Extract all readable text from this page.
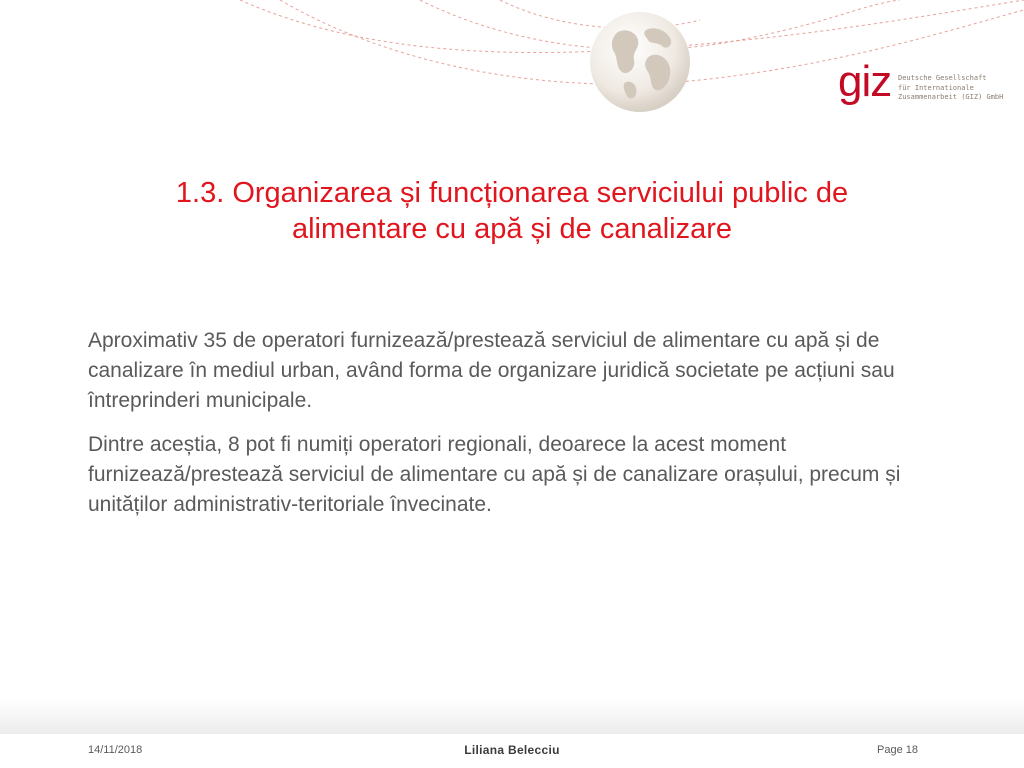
giz Deutsche Gesellschaft
für Internationale
Zusammenarbeit (GIZ) GmbH
1.3. Organizarea și funcționarea serviciului public de
alimentare cu apă și de canalizare

Aproximativ 35 de operatori furnizează/prestează serviciul de alimentare cu apă și de canalizare în mediul urban, având forma de organizare juridică societate pe acțiuni sau întreprinderi municipale.

Dintre aceștia, 8 pot fi numiți operatori regionali, deoarece la acest moment furnizează/prestează serviciul de alimentare cu apă și de canalizare orașului, precum și unităților administrativ-teritoriale învecinate.

14/11/2018	Liliana Belecciu	Page 18
